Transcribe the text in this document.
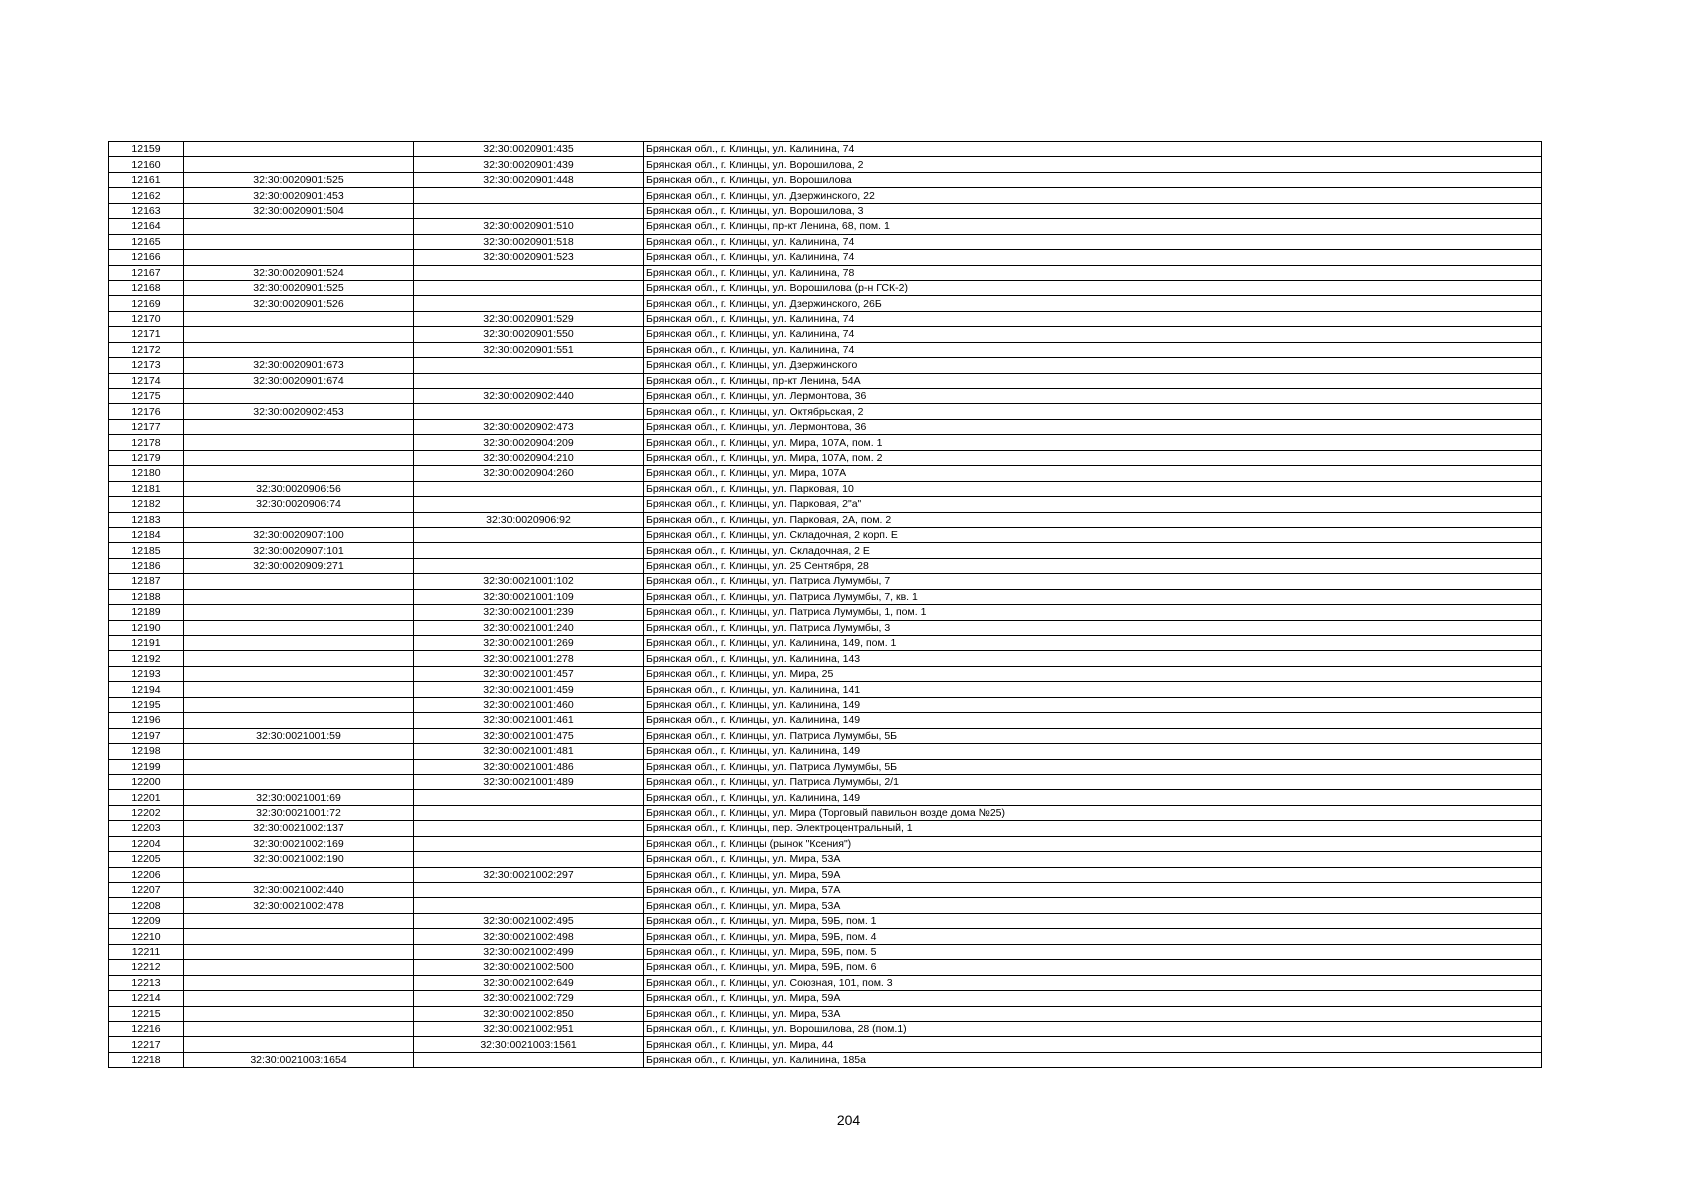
12159		32:30:0020901:435	Брянская обл., г. Клинцы, ул. Калинина, 74
12160		32:30:0020901:439	Брянская обл., г. Клинцы, ул. Ворошилова, 2
12161	32:30:0020901:525	32:30:0020901:448	Брянская обл., г. Клинцы, ул. Ворошилова
12162	32:30:0020901:453		Брянская обл., г. Клинцы, ул. Дзержинского, 22
12163	32:30:0020901:504		Брянская обл., г. Клинцы, ул. Ворошилова, 3
12164		32:30:0020901:510	Брянская обл., г. Клинцы, пр-кт Ленина, 68, пом. 1
12165		32:30:0020901:518	Брянская обл., г. Клинцы, ул. Калинина, 74
12166		32:30:0020901:523	Брянская обл., г. Клинцы, ул. Калинина, 74
12167	32:30:0020901:524		Брянская обл., г. Клинцы, ул. Калинина, 78
12168	32:30:0020901:525		Брянская обл., г. Клинцы, ул. Ворошилова (р-н ГСК-2)
12169	32:30:0020901:526		Брянская обл., г. Клинцы, ул. Дзержинского, 26Б
12170		32:30:0020901:529	Брянская обл., г. Клинцы, ул. Калинина, 74
12171		32:30:0020901:550	Брянская обл., г. Клинцы, ул. Калинина, 74
12172		32:30:0020901:551	Брянская обл., г. Клинцы, ул. Калинина, 74
12173	32:30:0020901:673		Брянская обл., г. Клинцы, ул. Дзержинского
12174	32:30:0020901:674		Брянская обл., г. Клинцы, пр-кт Ленина, 54А
12175		32:30:0020902:440	Брянская обл., г. Клинцы, ул. Лермонтова, 36
12176	32:30:0020902:453		Брянская обл., г. Клинцы, ул. Октябрьская, 2
12177		32:30:0020902:473	Брянская обл., г. Клинцы, ул. Лермонтова, 36
12178		32:30:0020904:209	Брянская обл., г. Клинцы, ул. Мира, 107А, пом. 1
12179		32:30:0020904:210	Брянская обл., г. Клинцы, ул. Мира, 107А, пом. 2
12180		32:30:0020904:260	Брянская обл., г. Клинцы, ул. Мира, 107А
12181	32:30:0020906:56		Брянская обл., г. Клинцы, ул. Парковая, 10
12182	32:30:0020906:74		Брянская обл., г. Клинцы, ул. Парковая, 2"а"
12183		32:30:0020906:92	Брянская обл., г. Клинцы, ул. Парковая, 2А, пом. 2
12184	32:30:0020907:100		Брянская обл., г. Клинцы, ул. Складочная, 2 корп. Е
12185	32:30:0020907:101		Брянская обл., г. Клинцы, ул. Складочная, 2 Е
12186	32:30:0020909:271		Брянская обл., г. Клинцы, ул. 25 Сентября, 28
12187		32:30:0021001:102	Брянская обл., г. Клинцы, ул. Патриса Лумумбы, 7
12188		32:30:0021001:109	Брянская обл., г. Клинцы, ул. Патриса Лумумбы, 7, кв. 1
12189		32:30:0021001:239	Брянская обл., г. Клинцы, ул. Патриса Лумумбы, 1, пом. 1
12190		32:30:0021001:240	Брянская обл., г. Клинцы, ул. Патриса Лумумбы, 3
12191		32:30:0021001:269	Брянская обл., г. Клинцы, ул. Калинина, 149, пом. 1
12192		32:30:0021001:278	Брянская обл., г. Клинцы, ул. Калинина, 143
12193		32:30:0021001:457	Брянская обл., г. Клинцы, ул. Мира, 25
12194		32:30:0021001:459	Брянская обл., г. Клинцы, ул. Калинина, 141
12195		32:30:0021001:460	Брянская обл., г. Клинцы, ул. Калинина, 149
12196		32:30:0021001:461	Брянская обл., г. Клинцы, ул. Калинина, 149
12197	32:30:0021001:59	32:30:0021001:475	Брянская обл., г. Клинцы, ул. Патриса Лумумбы, 5Б
12198		32:30:0021001:481	Брянская обл., г. Клинцы, ул. Калинина, 149
12199		32:30:0021001:486	Брянская обл., г. Клинцы, ул. Патриса Лумумбы, 5Б
12200		32:30:0021001:489	Брянская обл., г. Клинцы, ул. Патриса Лумумбы, 2/1
12201	32:30:0021001:69		Брянская обл., г. Клинцы, ул. Калинина, 149
12202	32:30:0021001:72		Брянская обл., г. Клинцы, ул. Мира (Торговый павильон возде дома №25)
12203	32:30:0021002:137		Брянская обл., г. Клинцы, пер. Электроцентральный, 1
12204	32:30:0021002:169		Брянская обл., г. Клинцы (рынок "Ксения")
12205	32:30:0021002:190		Брянская обл., г. Клинцы, ул. Мира, 53А
12206		32:30:0021002:297	Брянская обл., г. Клинцы, ул. Мира, 59А
12207	32:30:0021002:440		Брянская обл., г. Клинцы, ул. Мира, 57А
12208	32:30:0021002:478		Брянская обл., г. Клинцы, ул. Мира, 53А
12209		32:30:0021002:495	Брянская обл., г. Клинцы, ул. Мира, 59Б, пом. 1
12210		32:30:0021002:498	Брянская обл., г. Клинцы, ул. Мира, 59Б, пом. 4
12211		32:30:0021002:499	Брянская обл., г. Клинцы, ул. Мира, 59Б, пом. 5
12212		32:30:0021002:500	Брянская обл., г. Клинцы, ул. Мира, 59Б, пом. 6
12213		32:30:0021002:649	Брянская обл., г. Клинцы, ул. Союзная, 101, пом. 3
12214		32:30:0021002:729	Брянская обл., г. Клинцы, ул. Мира, 59А
12215		32:30:0021002:850	Брянская обл., г. Клинцы, ул. Мира, 53А
12216		32:30:0021002:951	Брянская обл., г. Клинцы, ул. Ворошилова, 28 (пом.1)
12217		32:30:0021003:1561	Брянская обл., г. Клинцы, ул. Мира, 44
12218	32:30:0021003:1654		Брянская обл., г. Клинцы, ул. Калинина, 185а
204
